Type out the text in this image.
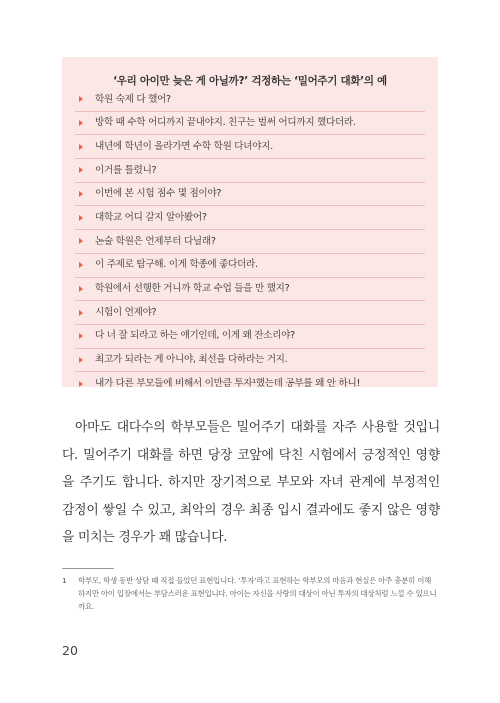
‘우리 아이만 늦은 게 아닐까?’ 걱정하는 ‘밀어주기 대화’의 예
학원 숙제 다 했어?
방학 때 수학 어디까지 끝내야지. 친구는 벌써 어디까지 했다더라.
내년에 학년이 올라가면 수학 학원 다녀야지.
이거를 틀렸니?
이번에 본 시험 점수 몇 점이야?
대학교 어디 갈지 알아봤어?
논술 학원은 언제부터 다닐래?
이 주제로 탐구해. 이게 학종에 좋다더라.
학원에서 선행한 거니까 학교 수업 들을 만 했지?
시험이 언제야?
다 너 잘 되라고 하는 얘기인데, 이게 왜 잔소리야?
최고가 되라는 게 아니야, 최선을 다하라는 거지.
내가 다른 부모들에 비해서 이만큼 투자¹했는데 공부를 왜 안 하니!

아마도 대다수의 학부모들은 밀어주기 대화를 자주 사용할 것입니다. 밀어주기 대화를 하면 당장 코앞에 닥친 시험에서 긍정적인 영향을 주기도 합니다. 하지만 장기적으로 부모와 자녀 관계에 부정적인 감정이 쌓일 수 있고, 최악의 경우 최종 입시 결과에도 좋지 않은 영향을 미치는 경우가 꽤 많습니다.

1	학부모, 학생 동반 상담 때 직접 들었던 표현입니다. ‘투자’라고 표현하는 학부모의 마음과 현실은 아주 충분히 이해하지만 아이 입장에서는 부담스러운 표현입니다. 아이는 자신을 사랑의 대상이 아닌 투자의 대상처럼 느낄 수 있으니까요.
20
